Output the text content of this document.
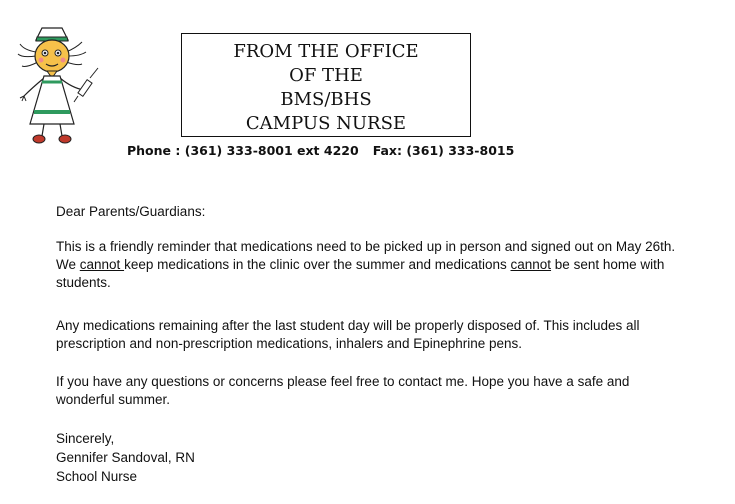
FROM THE OFFICE
OF THE
BMS/BHS
CAMPUS NURSE
Phone : (361) 333-8001 ext 4220 Fax: (361) 333-8015

Dear Parents/Guardians:

This is a friendly reminder that medications need to be picked up in person and signed out on May 26th. We cannot keep medications in the clinic over the summer and medications cannot be sent home with students.

Any medications remaining after the last student day will be properly disposed of. This includes all prescription and non-prescription medications, inhalers and Epinephrine pens.

If you have any questions or concerns please feel free to contact me. Hope you have a safe and wonderful summer.

Sincerely,

Gennifer Sandoval, RN

School Nurse
